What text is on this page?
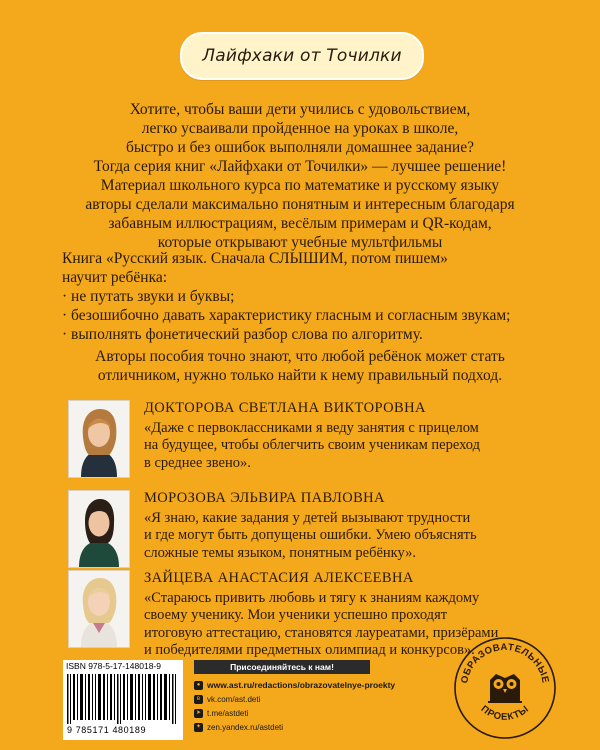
Лайфхаки от Точилки
Хотите, чтобы ваши дети учились с удовольствием,
легко усваивали пройденное на уроках в школе,
быстро и без ошибок выполняли домашнее задание?
Тогда серия книг «Лайфхаки от Точилки» — лучшее решение!
Материал школьного курса по математике и русскому языку
авторы сделали максимально понятным и интересным благодаря
забавным иллюстрациям, весёлым примерам и QR-кодам,
которые открывают учебные мультфильмы
Книга «Русский язык. Сначала СЛЫШИМ, потом пишем»
научит ребёнка:
· не путать звуки и буквы;
· безошибочно давать характеристику гласным и согласным звукам;
· выполнять фонетический разбор слова по алгоритму.
Авторы пособия точно знают, что любой ребёнок может стать
отличником, нужно только найти к нему правильный подход.
ДОКТОРОВА СВЕТЛАНА ВИКТОРОВНА
«Даже с первоклассниками я веду занятия с прицелом
на будущее, чтобы облегчить своим ученикам переход
в среднее звено».
МОРОЗОВА ЭЛЬВИРА ПАВЛОВНА
«Я знаю, какие задания у детей вызывают трудности
и где могут быть допущены ошибки. Умею объяснять
сложные темы языком, понятным ребёнку».
ЗАЙЦЕВА АНАСТАСИЯ АЛЕКСЕЕВНА
«Стараюсь привить любовь и тягу к знаниям каждому
своему ученику. Мои ученики успешно проходят
итоговую аттестацию, становятся лауреатами, призёрами
и победителями предметных олимпиад и конкурсов».
ISBN 978-5-17-148018-9
9 785171 480189
Присоединяйтесь к нам!
● www.ast.ru/redactions/obrazovatelnye-proekty
в vk.com/ast.deti
➤ t.me/astdeti
✦ zen.yandex.ru/astdeti
ОБРАЗОВАТЕЛЬНЫЕ
ПРОЕКТЫ
